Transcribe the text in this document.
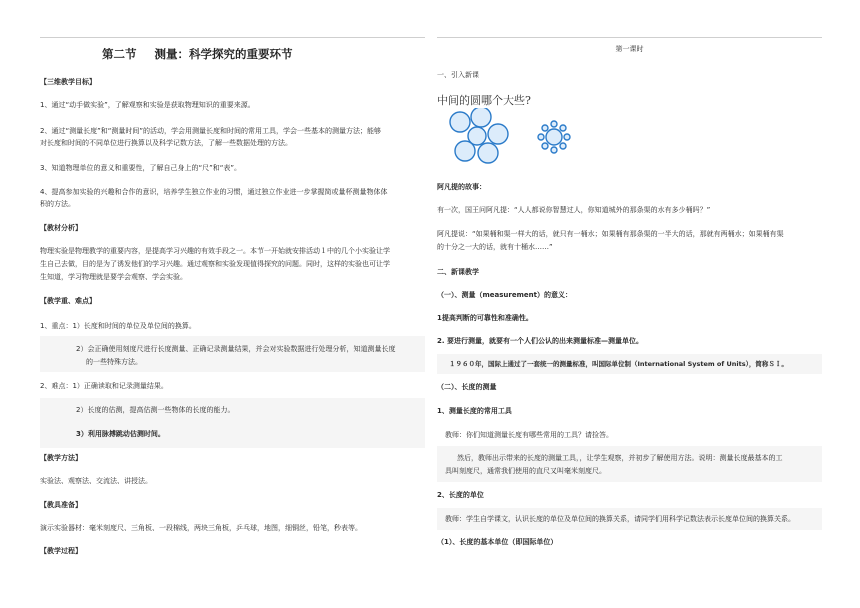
第二节 测量：科学探究的重要环节

【三维教学目标】

1、通过“动手做实验”，了解观察和实验是获取物理知识的重要来源。

2、通过“测量长度”和“测量时间”的活动，学会用测量长度和时间的常用工具，学会一些基本的测量方法；能够

对长度和时间的不同单位进行换算以及科学记数方法，了解一些数据处理的方法。

3、知道物理单位的意义和重要性，了解自己身上的“尺”和“表”。

4、提高参加实验的兴趣和合作的意识，培养学生独立作业的习惯，通过独立作业进一步掌握简或量杯测量物体体

积的方法。

【教材分析】

物理实验是物理教学的重要内容，是提高学习兴趣的有效手段之一。本节一开始就安排活动１中的几个小实验让学

生自己去做，目的是为了诱发他们的学习兴趣。通过观察和实验发现值得探究的问题。同时，这样的实验也可让学

生知道，学习物理就是要学会观察、学会实验。

【教学重、难点】

1、重点：1）长度和时间的单位及单位间的换算。

2）会正确使用刻度尺进行长度测量、正确记录测量结果，并会对实验数据进行处理分析，知道测量长度

的一些特殊方法。

2、难点：1）正确读取和记录测量结果。

2）长度的估测，提高估测一些物体的长度的能力。

3）利用脉搏跳动估测时间。

【教学方法】

实验法、观察法、交流法、讲授法。

【教具准备】

演示实验器材：毫米刻度尺、三角板、一段棉线，两块三角板，乒乓球，地图，细铜丝，铅笔，秒表等。

【教学过程】

第一课时

一、引入新课

中间的圆哪个大些?

阿凡提的故事：

有一次，国王问阿凡提：“人人都说你智慧过人，你知道城外的那条渠的水有多少桶吗？”

阿凡提说：“如果桶和渠一样大的话，就只有一桶水；如果桶有那条渠的一半大的话，那就有两桶水；如果桶有渠

的十分之一大的话，就有十桶水……”

二、新课教学

（一）、测量（measurement）的意义：

1提高判断的可靠性和准确性。

2. 要进行测量，就要有一个人们公认的出来测量标准—测量单位。

１９６０年，国际上通过了一套统一的测量标准，叫国际单位制（International System of Units），简称ＳＩ。

（二）、长度的测量

1、测量长度的常用工具

教师：你们知道测量长度有哪些常用的工具？请捡答。

然后，教师出示带来的长度的测量工具，，让学生观察，并初步了解使用方法。说明：测量长度最基本的工

具叫刻度尺，通常我们使用的直尺又叫毫米刻度尺。

2、长度的单位

教师：学生自学课文，认识长度的单位及单位间的换算关系，请同学们用科学记数法表示长度单位间的换算关系。

（1）、长度的基本单位（即国际单位）
